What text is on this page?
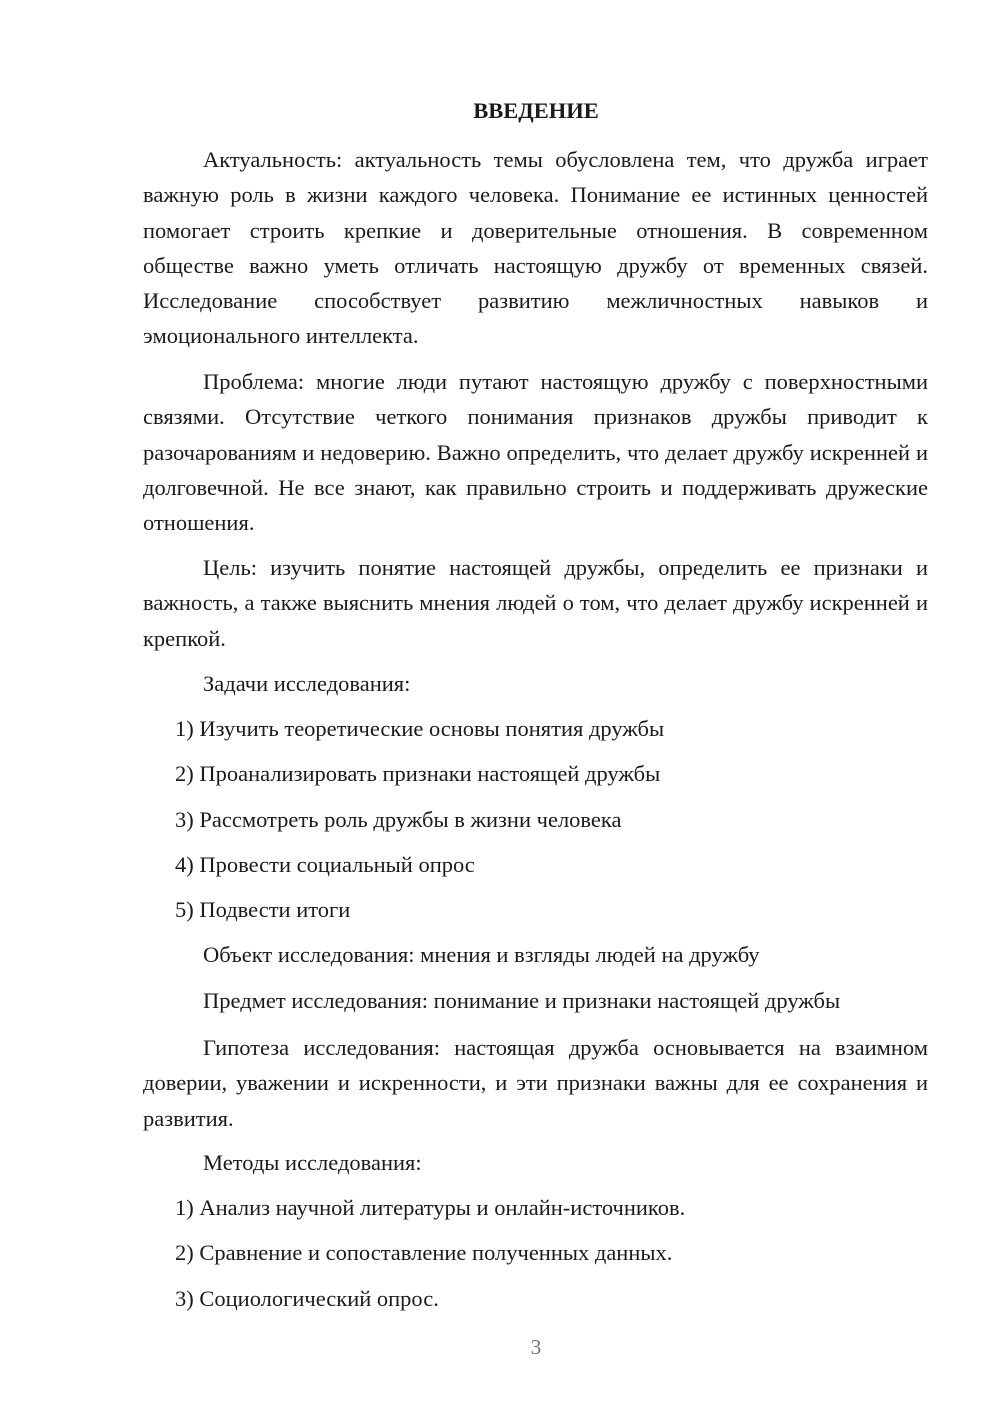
ВВЕДЕНИЕ

Актуальность: актуальность темы обусловлена тем, что дружба играет важную роль в жизни каждого человека. Понимание ее истинных ценностей помогает строить крепкие и доверительные отношения. В современном обществе важно уметь отличать настоящую дружбу от временных связей. Исследование способствует развитию межличностных навыков и эмоционального интеллекта.

Проблема: многие люди путают настоящую дружбу с поверхностными связями. Отсутствие четкого понимания признаков дружбы приводит к разочарованиям и недоверию. Важно определить, что делает дружбу искренней и долговечной. Не все знают, как правильно строить и поддерживать дружеские отношения.

Цель: изучить понятие настоящей дружбы, определить ее признаки и важность, а также выяснить мнения людей о том, что делает дружбу искренней и крепкой.

Задачи исследования:

1) Изучить теоретические основы понятия дружбы

2) Проанализировать признаки настоящей дружбы

3) Рассмотреть роль дружбы в жизни человека

4) Провести социальный опрос

5) Подвести итоги

Объект исследования: мнения и взгляды людей на дружбу

Предмет исследования: понимание и признаки настоящей дружбы

Гипотеза исследования: настоящая дружба основывается на взаимном доверии, уважении и искренности, и эти признаки важны для ее сохранения и развития.

Методы исследования:

1) Анализ научной литературы и онлайн-источников.

2) Сравнение и сопоставление полученных данных.

3) Социологический опрос.

3
